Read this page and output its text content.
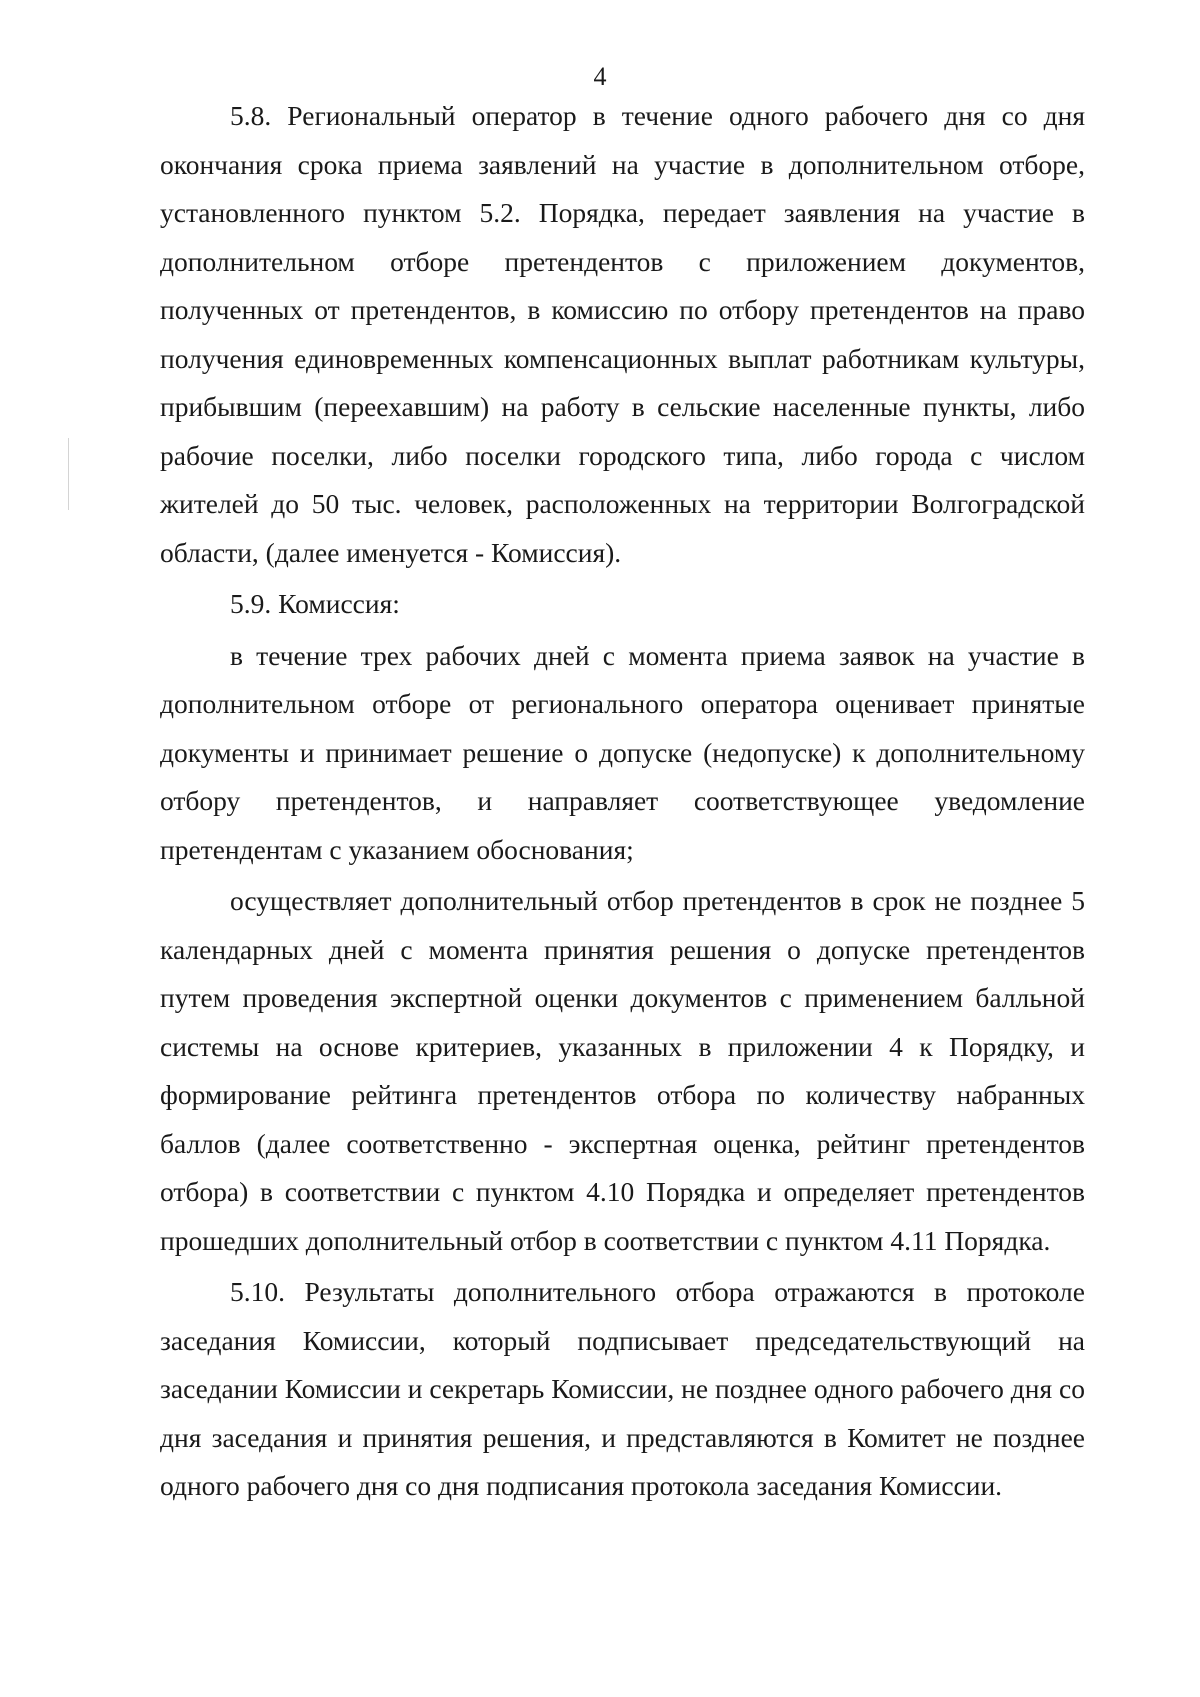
4

5.8. Региональный оператор в течение одного рабочего дня со дня окончания срока приема заявлений на участие в дополнительном отборе, установленного пунктом 5.2. Порядка, передает заявления на участие в дополнительном отборе претендентов с приложением документов, полученных от претендентов, в комиссию по отбору претендентов на право получения единовременных компенсационных выплат работникам культуры, прибывшим (переехавшим) на работу в сельские населенные пункты, либо рабочие поселки, либо поселки городского типа, либо города с числом жителей до 50 тыс. человек, расположенных на территории Волгоградской области, (далее именуется - Комиссия).

5.9. Комиссия:

в течение трех рабочих дней с момента приема заявок на участие в дополнительном отборе от регионального оператора оценивает принятые документы и принимает решение о допуске (недопуске) к дополнительному отбору претендентов, и направляет соответствующее уведомление претендентам с указанием обоснования;

осуществляет дополнительный отбор претендентов в срок не позднее 5 календарных дней с момента принятия решения о допуске претендентов путем проведения экспертной оценки документов с применением балльной системы на основе критериев, указанных в приложении 4 к Порядку, и формирование рейтинга претендентов отбора по количеству набранных баллов (далее соответственно - экспертная оценка, рейтинг претендентов отбора) в соответствии с пунктом 4.10 Порядка и определяет претендентов прошедших дополнительный отбор в соответствии с пунктом 4.11 Порядка.

5.10. Результаты дополнительного отбора отражаются в протоколе заседания Комиссии, который подписывает председательствующий на заседании Комиссии и секретарь Комиссии, не позднее одного рабочего дня со дня заседания и принятия решения, и представляются в Комитет не позднее одного рабочего дня со дня подписания протокола заседания Комиссии.
